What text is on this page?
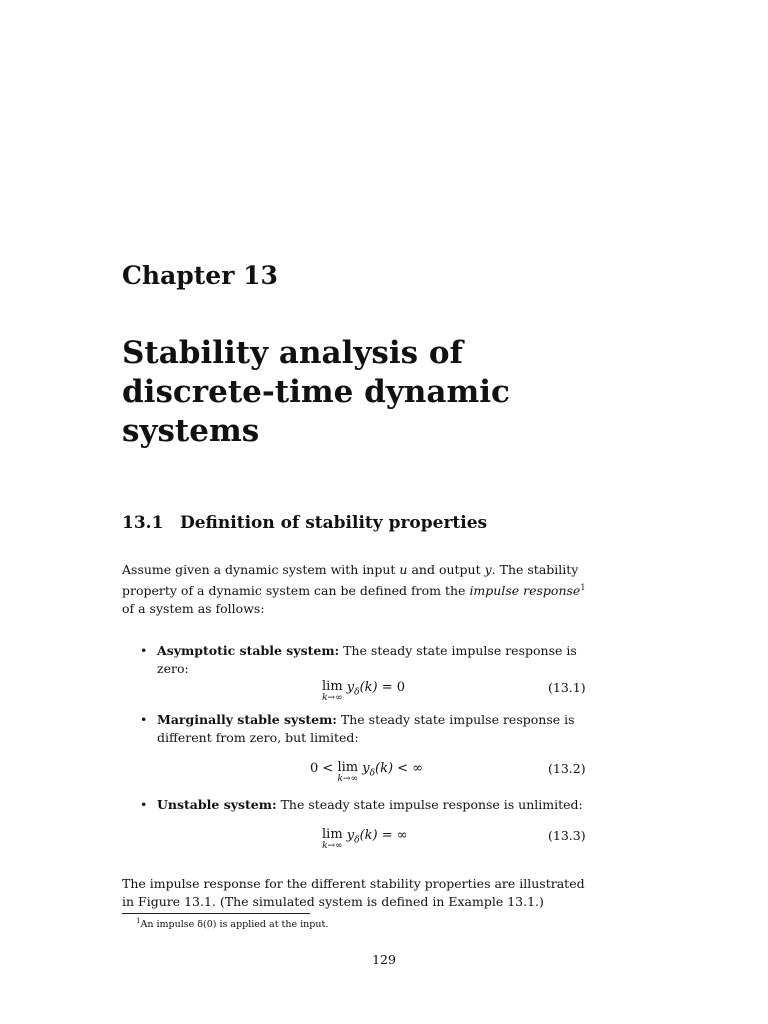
Chapter 13
Stability analysis of
discrete-time dynamic
systems
13.1 Definition of stability properties
Assume given a dynamic system with input u and output y. The stability property of a dynamic system can be defined from the impulse response$^1$ of a system as follows:
• Asymptotic stable system: The steady state impulse response is zero:
lim
k→∞
$y_\delta(k) = 0$	(13.1)
• Marginally stable system: The steady state impulse response is different from zero, but limited:
0 < lim
k→∞
$y_\delta(k)$ < ∞	(13.2)
• Unstable system: The steady state impulse response is unlimited:
lim
k→∞
$y_\delta(k)$ = ∞	(13.3)
The impulse response for the different stability properties are illustrated in Figure 13.1. (The simulated system is defined in Example 13.1.)
$^1$An impulse δ(0) is applied at the input.
129
